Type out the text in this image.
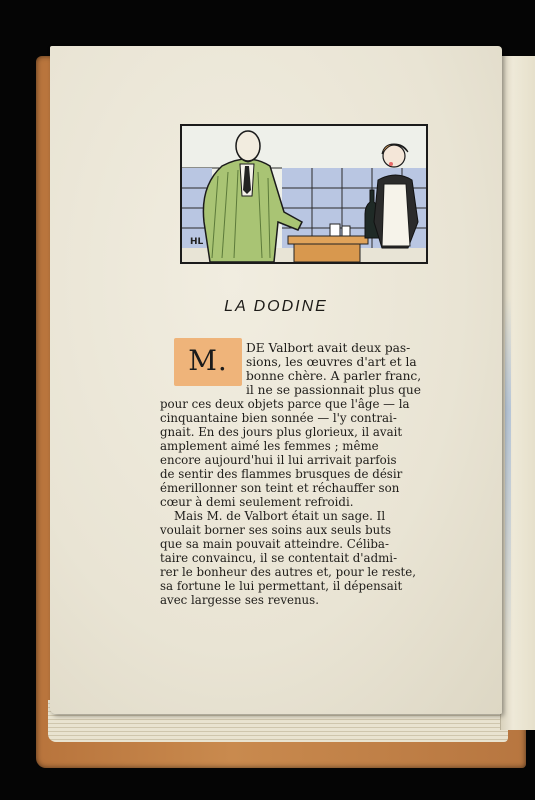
HL
LA DODINE
M.	DE Valbort avait deux pas-
sions, les œuvres d'art et la
bonne chère. A parler franc,
il ne se passionnait plus que
pour ces deux objets parce que l'âge — la
cinquantaine bien sonnée — l'y contrai-
gnait. En des jours plus glorieux, il avait
amplement aimé les femmes ; même
encore aujourd'hui il lui arrivait parfois
de sentir des flammes brusques de désir
émerillonner son teint et réchauffer son
cœur à demi seulement refroidi.
Mais M. de Valbort était un sage. Il
voulait borner ses soins aux seuls buts
que sa main pouvait atteindre. Céliba-
taire convaincu, il se contentait d'admi-
rer le bonheur des autres et, pour le reste,
sa fortune le lui permettant, il dépensait
avec largesse ses revenus.
